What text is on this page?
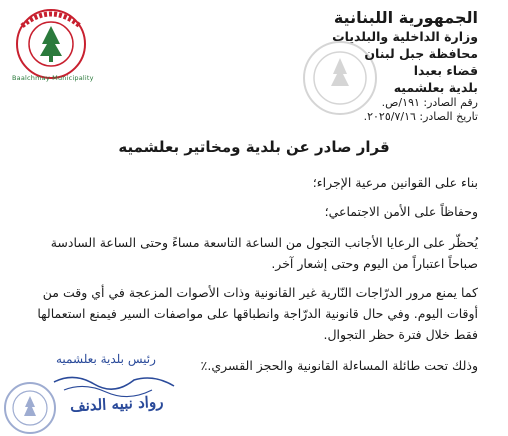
Baalchmay Municipality
الجمهورية اللبنانية
وزارة الداخلية والبلديات
محافظة جبل لبنان
قضاء بعبدا
بلدية بعلشميه
رقم الصادر: ١٩١/ص.
تاريخ الصادر: ٢٠٢٥/٧/١٦.
قرار صادر عن بلدية ومخاتير بعلشميه
بناء على القوانين مرعية الإجراء؛
وحفاظاً على الأمن الاجتماعي؛
يُحظّر على الرعايا الأجانب التجول من الساعة التاسعة مساءً وحتى الساعة السادسة صباحاً اعتباراً من اليوم وحتى إشعار آخر.
كما يمنع مرور الدرّاجات النّارية غير القانونية وذات الأصوات المزعجة في أي وقت من أوقات اليوم. وفي حال قانونية الدرّاجة وانطباقها على مواصفات السير فيمنع استعمالها فقط خلال فترة حظر التجوال.
وذلك تحت طائلة المساءلة القانونية والحجز القسري.٪
رئيس بلدية بعلشميه
رواد نبيه الدنف
